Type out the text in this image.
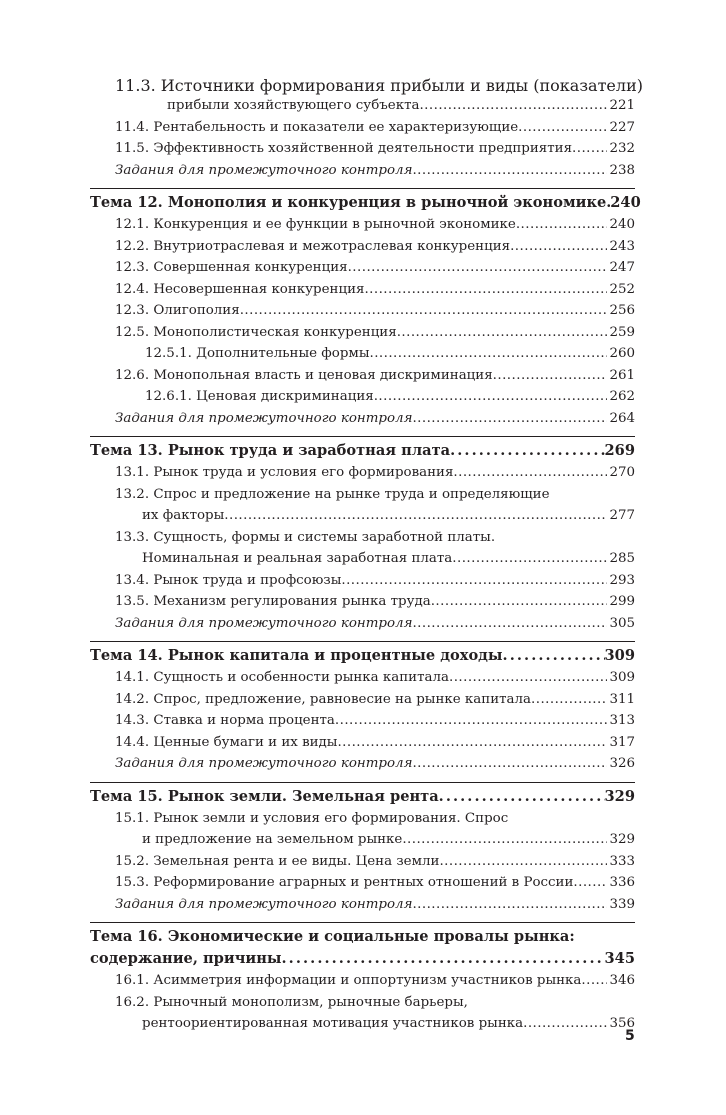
11.3. Источники формирования прибыли и виды (показатели)
прибыли хозяйствующего субъекта . . .	221
11.4. Рентабельность и показатели ее характеризующие . . .	227
11.5. Эффективность хозяйственной деятельности предприятия . . .	232
Задания для промежуточного контроля . . .	238
Тема 12. Монополия и конкуренция в рыночной экономике . . . 240
12.1. Конкуренция и ее функции в рыночной экономике . . .	240
12.2. Внутриотраслевая и межотраслевая конкуренция . . .	243
12.3. Совершенная конкуренция . . .	247
12.4. Несовершенная конкуренция . . .	252
12.3. Олигополия . . .	256
12.5. Монополистическая конкуренция . . .	259
12.5.1. Дополнительные формы . . .	260
12.6. Монопольная власть и ценовая дискриминация . . .	261
12.6.1. Ценовая дискриминация . . .	262
Задания для промежуточного контроля . . .	264
Тема 13. Рынок труда и заработная плата . . .	269
13.1. Рынок труда и условия его формирования . . .	270
13.2. Спрос и предложение на рынке труда и определяющие
их факторы . . .	277
13.3. Сущность, формы и системы заработной платы.
Номинальная и реальная заработная плата . . .	285
13.4. Рынок труда и профсоюзы . . .	293
13.5. Механизм регулирования рынка труда . . .	299
Задания для промежуточного контроля . . .	305
Тема 14. Рынок капитала и процентные доходы . . .	309
14.1. Сущность и особенности рынка капитала . . .	309
14.2. Спрос, предложение, равновесие на рынке капитала . . .	311
14.3. Ставка и норма процента . . .	313
14.4. Ценные бумаги и их виды . . .	317
Задания для промежуточного контроля . . .	326
Тема 15. Рынок земли. Земельная рента . . .	329
15.1. Рынок земли и условия его формирования. Спрос
и предложение на земельном рынке . . .	329
15.2. Земельная рента и ее виды. Цена земли . . .	333
15.3. Реформирование аграрных и рентных отношений в России . . .	336
Задания для промежуточного контроля . . .	339
Тема 16. Экономические и социальные провалы рынка:
содержание, причины . . .	345
16.1. Асимметрия информации и оппортунизм участников рынка . . . 346
16.2. Рыночный монополизм, рыночные барьеры,
рентоориентированная мотивация участников рынка . . .	356
5
